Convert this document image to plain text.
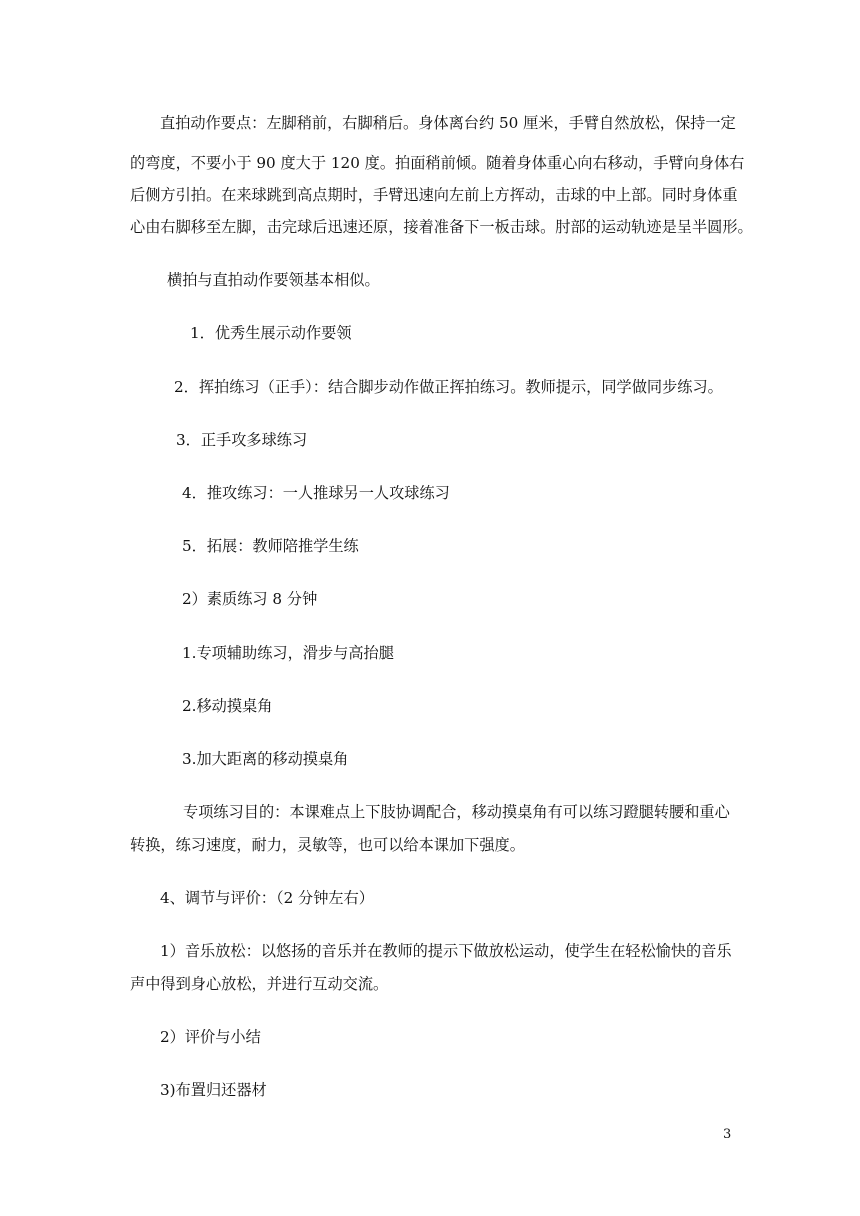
直拍动作要点：左脚稍前，右脚稍后。身体离台约 50 厘米，手臂自然放松，保持一定
的弯度，不要小于 90 度大于 120 度。拍面稍前倾。随着身体重心向右移动，手臂向身体右
后侧方引拍。在来球跳到高点期时，手臂迅速向左前上方挥动，击球的中上部。同时身体重
心由右脚移至左脚，击完球后迅速还原，接着准备下一板击球。肘部的运动轨迹是呈半圆形。
横拍与直拍动作要领基本相似。
1．优秀生展示动作要领
2．挥拍练习（正手）：结合脚步动作做正挥拍练习。教师提示，同学做同步练习。
3．正手攻多球练习
4．推攻练习：一人推球另一人攻球练习
5．拓展：教师陪推学生练
2）素质练习 8 分钟
1.专项辅助练习，滑步与高抬腿
2.移动摸桌角
3.加大距离的移动摸桌角
专项练习目的：本课难点上下肢协调配合，移动摸桌角有可以练习蹬腿转腰和重心
转换，练习速度，耐力，灵敏等，也可以给本课加下强度。
4、调节与评价：（2 分钟左右）
1）音乐放松：以悠扬的音乐并在教师的提示下做放松运动，使学生在轻松愉快的音乐
声中得到身心放松，并进行互动交流。
2）评价与小结
3)布置归还器材
3
